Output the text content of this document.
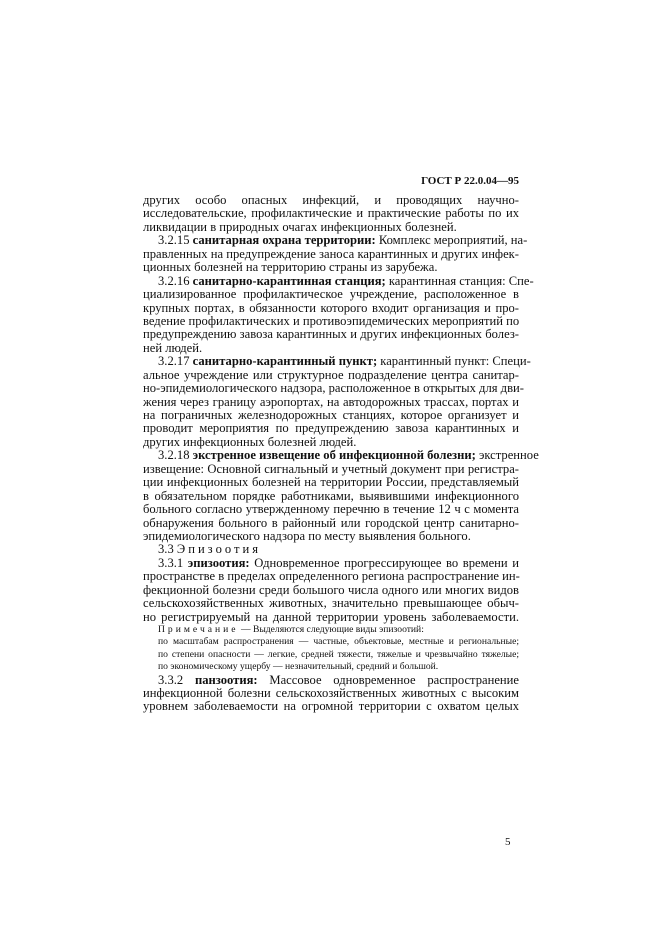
ГОСТ Р 22.0.04—95
других особо опасных инфекций, и проводящих научно-
исследовательские, профилактические и практические работы по их
ликвидации в природных очагах инфекционных болезней.
3.2.15 санитарная охрана территории: Комплекс мероприятий, на-
правленных на предупреждение заноса карантинных и других инфек-
ционных болезней на территорию страны из зарубежа.
3.2.16 санитарно-карантинная станция; карантинная станция: Спе-
циализированное профилактическое учреждение, расположенное в
крупных портах, в обязанности которого входит организация и про-
ведение профилактических и противоэпидемических мероприятий по
предупреждению завоза карантинных и других инфекционных болез-
ней людей.
3.2.17 санитарно-карантинный пункт; карантинный пункт: Специ-
альное учреждение или структурное подразделение центра санитар-
но-эпидемиологического надзора, расположенное в открытых для дви-
жения через границу аэропортах, на автодорожных трассах, портах и
на пограничных железнодорожных станциях, которое организует и
проводит мероприятия по предупреждению завоза карантинных и
других инфекционных болезней людей.
3.2.18 экстренное извещение об инфекционной болезни; экстренное
извещение: Основной сигнальный и учетный документ при регистра-
ции инфекционных болезней на территории России, представляемый
в обязательном порядке работниками, выявившими инфекционного
больного согласно утвержденному перечню в течение 12 ч с момента
обнаружения больного в районный или городской центр санитарно-
эпидемиологического надзора по месту выявления больного.
3.3 Эпизоотия
3.3.1 эпизоотия: Одновременное прогрессирующее во времени и
пространстве в пределах определенного региона распространение ин-
фекционной болезни среди большого числа одного или многих видов
сельскохозяйственных животных, значительно превышающее обыч-
но регистрируемый на данной территории уровень заболеваемости.
Примечание — Выделяются следующие виды эпизоотий:
по масштабам распространения — частные, объектовые, местные и региональные;
по степени опасности — легкие, средней тяжести, тяжелые и чрезвычайно тяжелые;
по экономическому ущербу — незначительный, средний и большой.
3.3.2 панзоотия: Массовое одновременное распространение
инфекционной болезни сельскохозяйственных животных с высоким
уровнем заболеваемости на огромной территории с охватом целых
5
